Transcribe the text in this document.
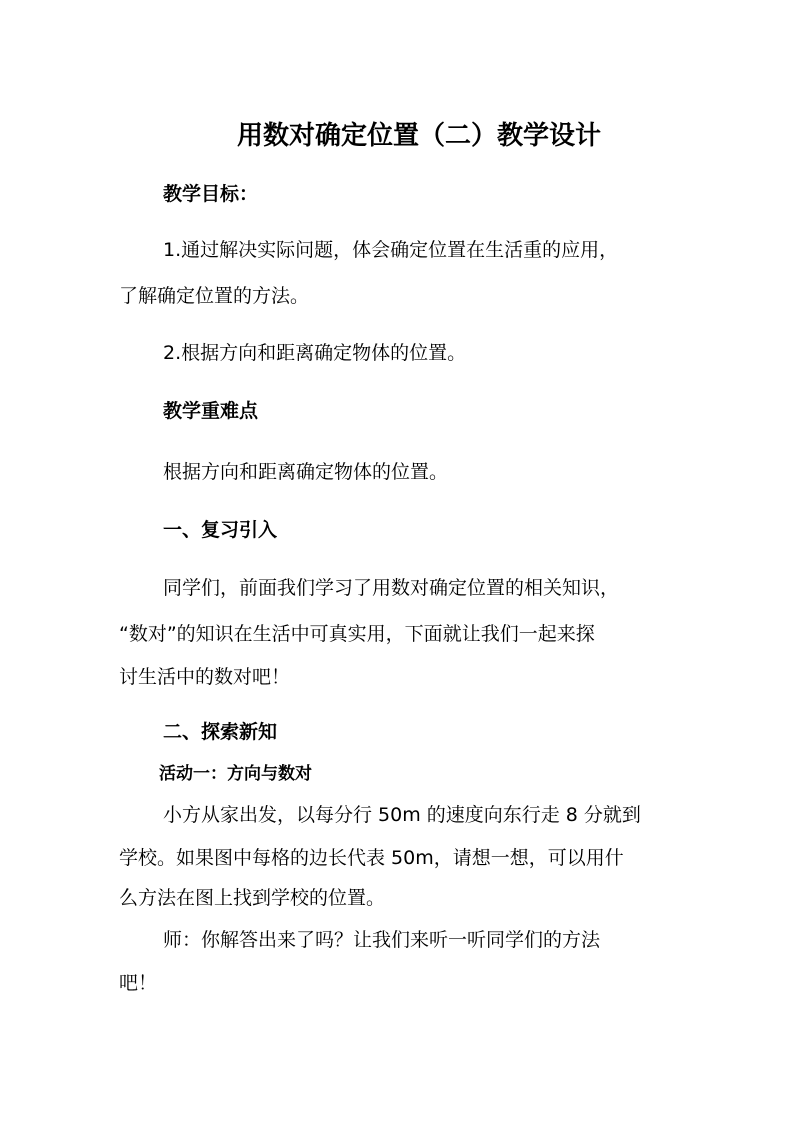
用数对确定位置（二）教学设计

教学目标：

1.通过解决实际问题，体会确定位置在生活重的应用，

了解确定位置的方法。

2.根据方向和距离确定物体的位置。

教学重难点

根据方向和距离确定物体的位置。

一、复习引入

同学们，前面我们学习了用数对确定位置的相关知识，

“数对”的知识在生活中可真实用，下面就让我们一起来探

讨生活中的数对吧！

二、探索新知

活动一：方向与数对

小方从家出发，以每分行 50m 的速度向东行走 8 分就到

学校。如果图中每格的边长代表 50m，请想一想，可以用什

么方法在图上找到学校的位置。

师：你解答出来了吗？让我们来听一听同学们的方法

吧！
